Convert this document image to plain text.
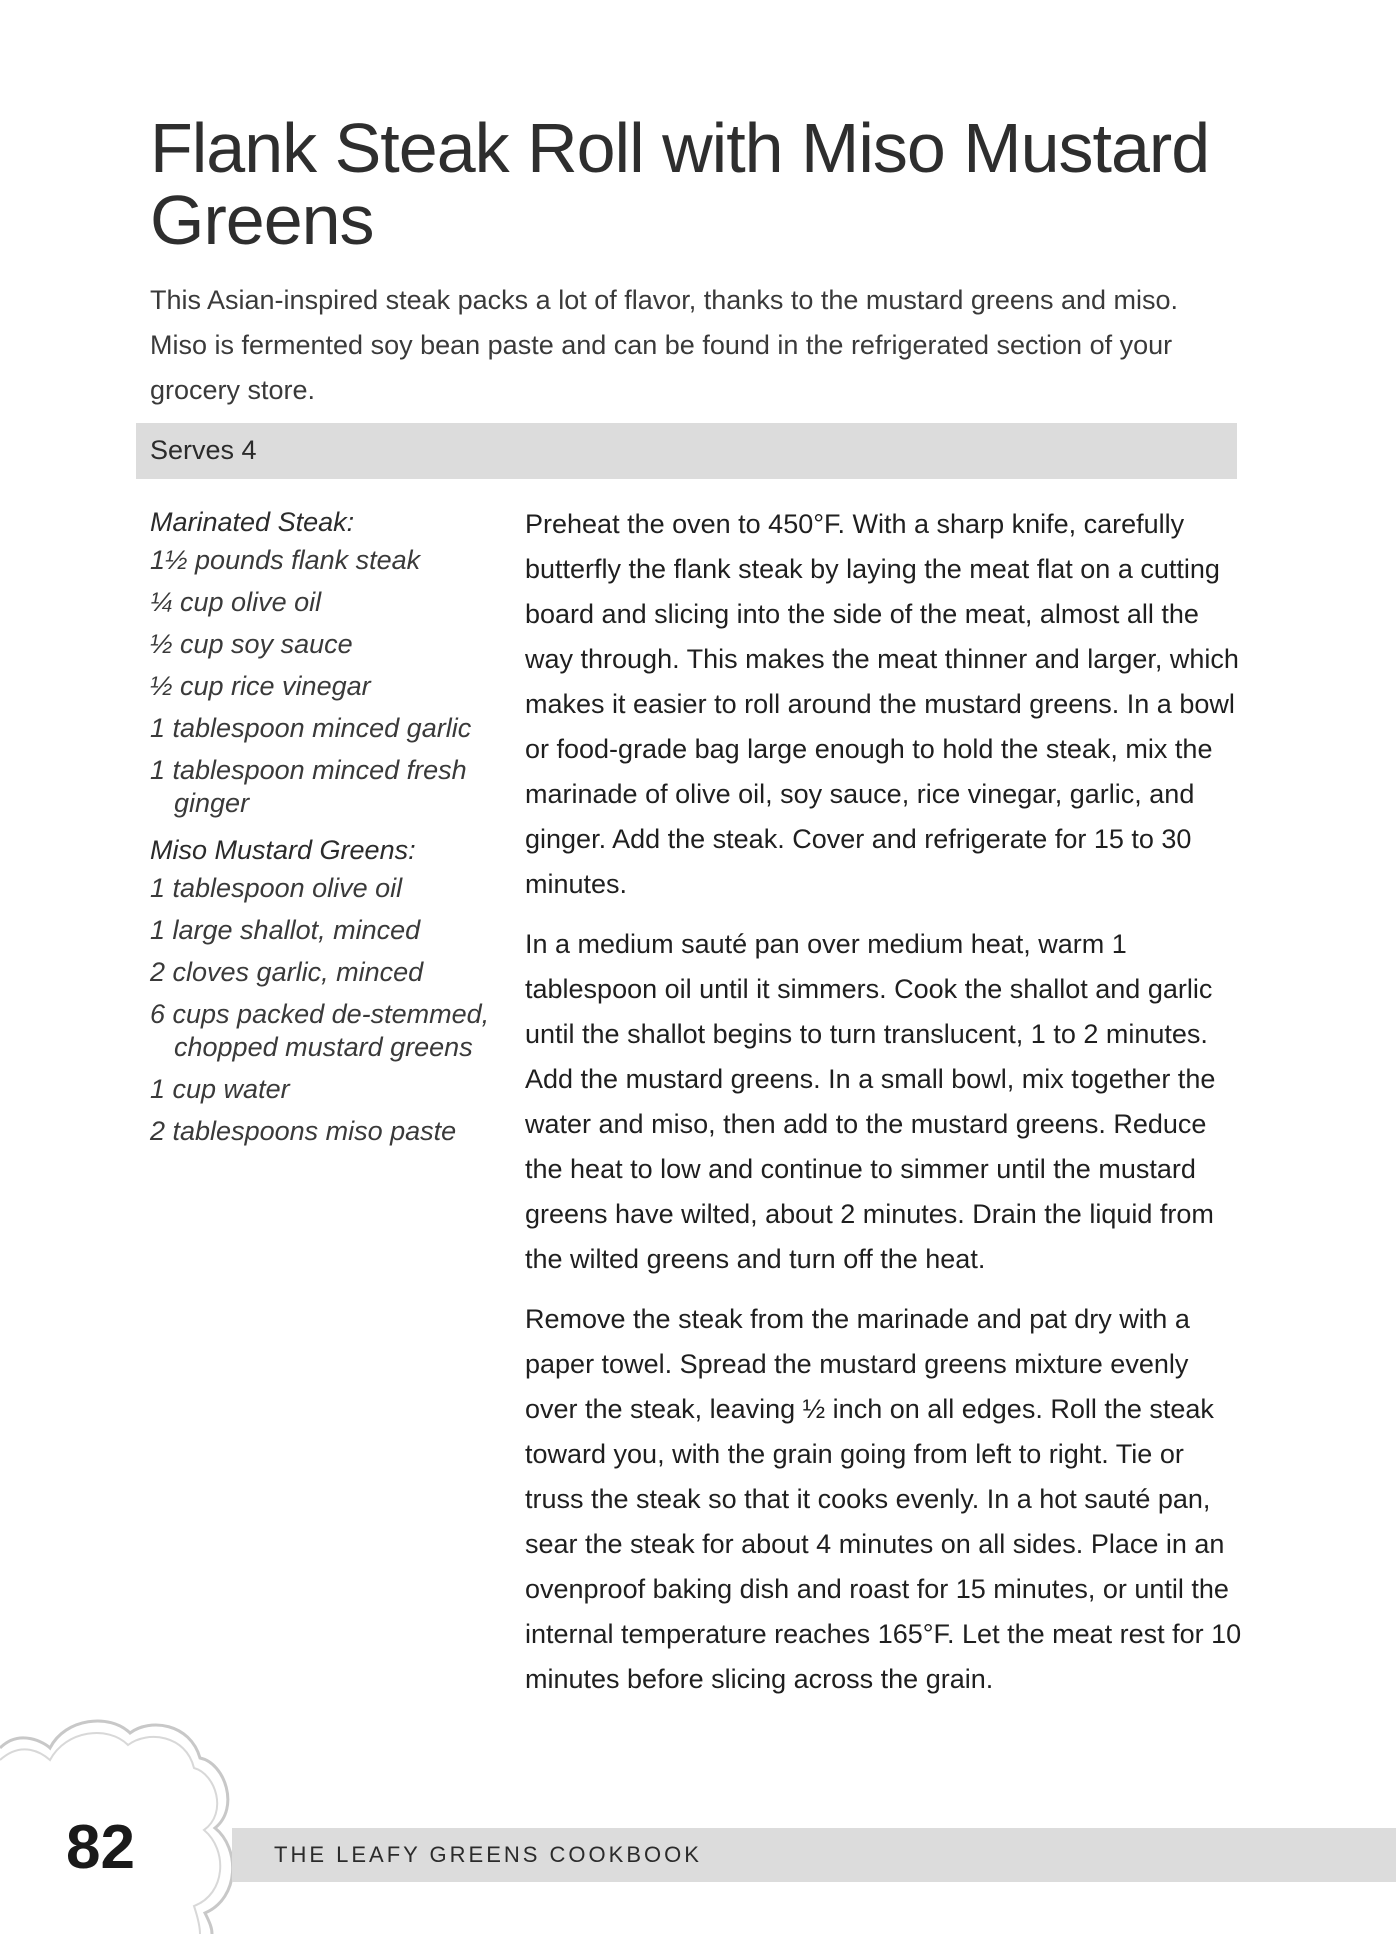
Flank Steak Roll with Miso Mustard Greens

This Asian-inspired steak packs a lot of flavor, thanks to the mustard greens and miso. Miso is fermented soy bean paste and can be found in the refrigerated section of your grocery store.

Serves 4
Marinated Steak:
1½ pounds flank steak
¼ cup olive oil
½ cup soy sauce
½ cup rice vinegar
1 tablespoon minced garlic
1 tablespoon minced fresh ginger
Miso Mustard Greens:
1 tablespoon olive oil
1 large shallot, minced
2 cloves garlic, minced
6 cups packed de-stemmed, chopped mustard greens
1 cup water
2 tablespoons miso paste

Preheat the oven to 450°F. With a sharp knife, carefully butterfly the flank steak by laying the meat flat on a cutting board and slicing into the side of the meat, almost all the way through. This makes the meat thinner and larger, which makes it easier to roll around the mustard greens. In a bowl or food-grade bag large enough to hold the steak, mix the marinade of olive oil, soy sauce, rice vinegar, garlic, and ginger. Add the steak. Cover and refrigerate for 15 to 30 minutes.

In a medium sauté pan over medium heat, warm 1 tablespoon oil until it simmers. Cook the shallot and garlic until the shallot begins to turn translucent, 1 to 2 minutes. Add the mustard greens. In a small bowl, mix together the water and miso, then add to the mustard greens. Reduce the heat to low and continue to simmer until the mustard greens have wilted, about 2 minutes. Drain the liquid from the wilted greens and turn off the heat.

Remove the steak from the marinade and pat dry with a paper towel. Spread the mustard greens mixture evenly over the steak, leaving ½ inch on all edges. Roll the steak toward you, with the grain going from left to right. Tie or truss the steak so that it cooks evenly. In a hot sauté pan, sear the steak for about 4 minutes on all sides. Place in an ovenproof baking dish and roast for 15 minutes, or until the internal temperature reaches 165°F. Let the meat rest for 10 minutes before slicing across the grain.

82	THE LEAFY GREENS COOKBOOK
